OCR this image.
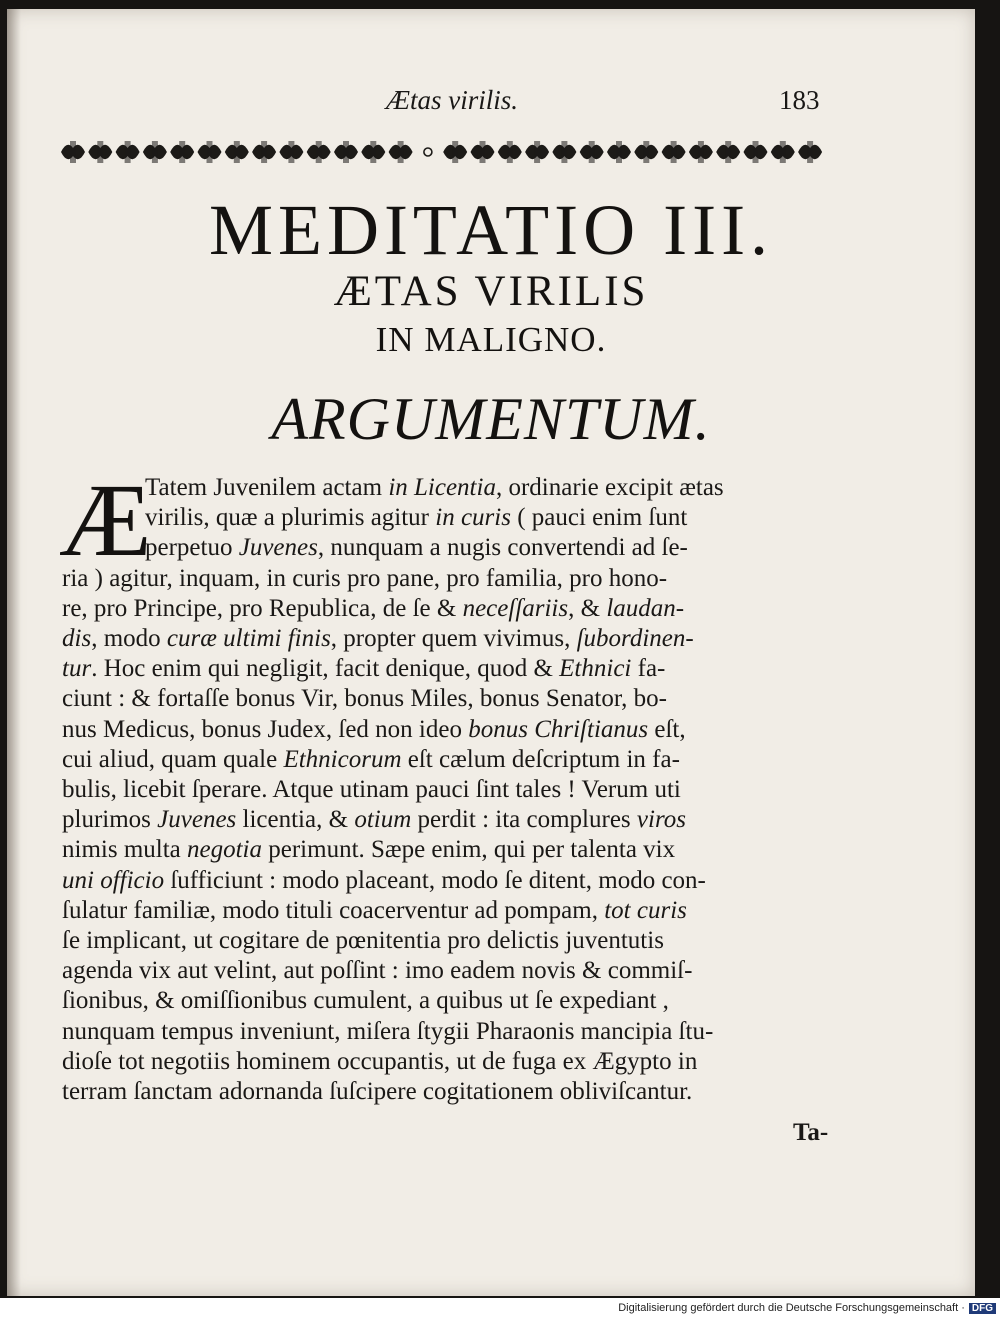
Ætas virilis.	183
MEDITATIO III.
ÆTAS VIRILIS
IN MALIGNO.
ARGUMENTUM.
Æ
Tatem Juvenilem actam in Licentia, ordinarie excipit ætas
virilis, quæ a plurimis agitur in curis ( pauci enim ſunt
perpetuo Juvenes, nunquam a nugis convertendi ad ſe-
ria ) agitur, inquam, in curis pro pane, pro familia, pro hono-
re, pro Principe, pro Republica, de ſe & neceſſariis, & laudan-
dis, modo curæ ultimi finis, propter quem vivimus, ſubordinen-
tur. Hoc enim qui negligit, facit denique, quod & Ethnici fa-
ciunt : & fortaſſe bonus Vir, bonus Miles, bonus Senator, bo-
nus Medicus, bonus Judex, ſed non ideo bonus Chriſtianus eſt,
cui aliud, quam quale Ethnicorum eſt cælum deſcriptum in fa-
bulis, licebit ſperare. Atque utinam pauci ſint tales ! Verum uti
plurimos Juvenes licentia, & otium perdit : ita complures viros
nimis multa negotia perimunt. Sæpe enim, qui per talenta vix
uni officio ſufficiunt : modo placeant, modo ſe ditent, modo con-
ſulatur familiæ, modo tituli coacerventur ad pompam, tot curis
ſe implicant, ut cogitare de pœnitentia pro delictis juventutis
agenda vix aut velint, aut poſſint : imo eadem novis & commiſ-
ſionibus, & omiſſionibus cumulent, a quibus ut ſe expediant ,
nunquam tempus inveniunt, miſera ſtygii Pharaonis mancipia ſtu-
dioſe tot negotiis hominem occupantis, ut de fuga ex Ægypto in
terram ſanctam adornanda ſuſcipere cogitationem obliviſcantur.
Ta-
Digitalisierung gefördert durch die Deutsche Forschungsgemeinschaft · DFG
